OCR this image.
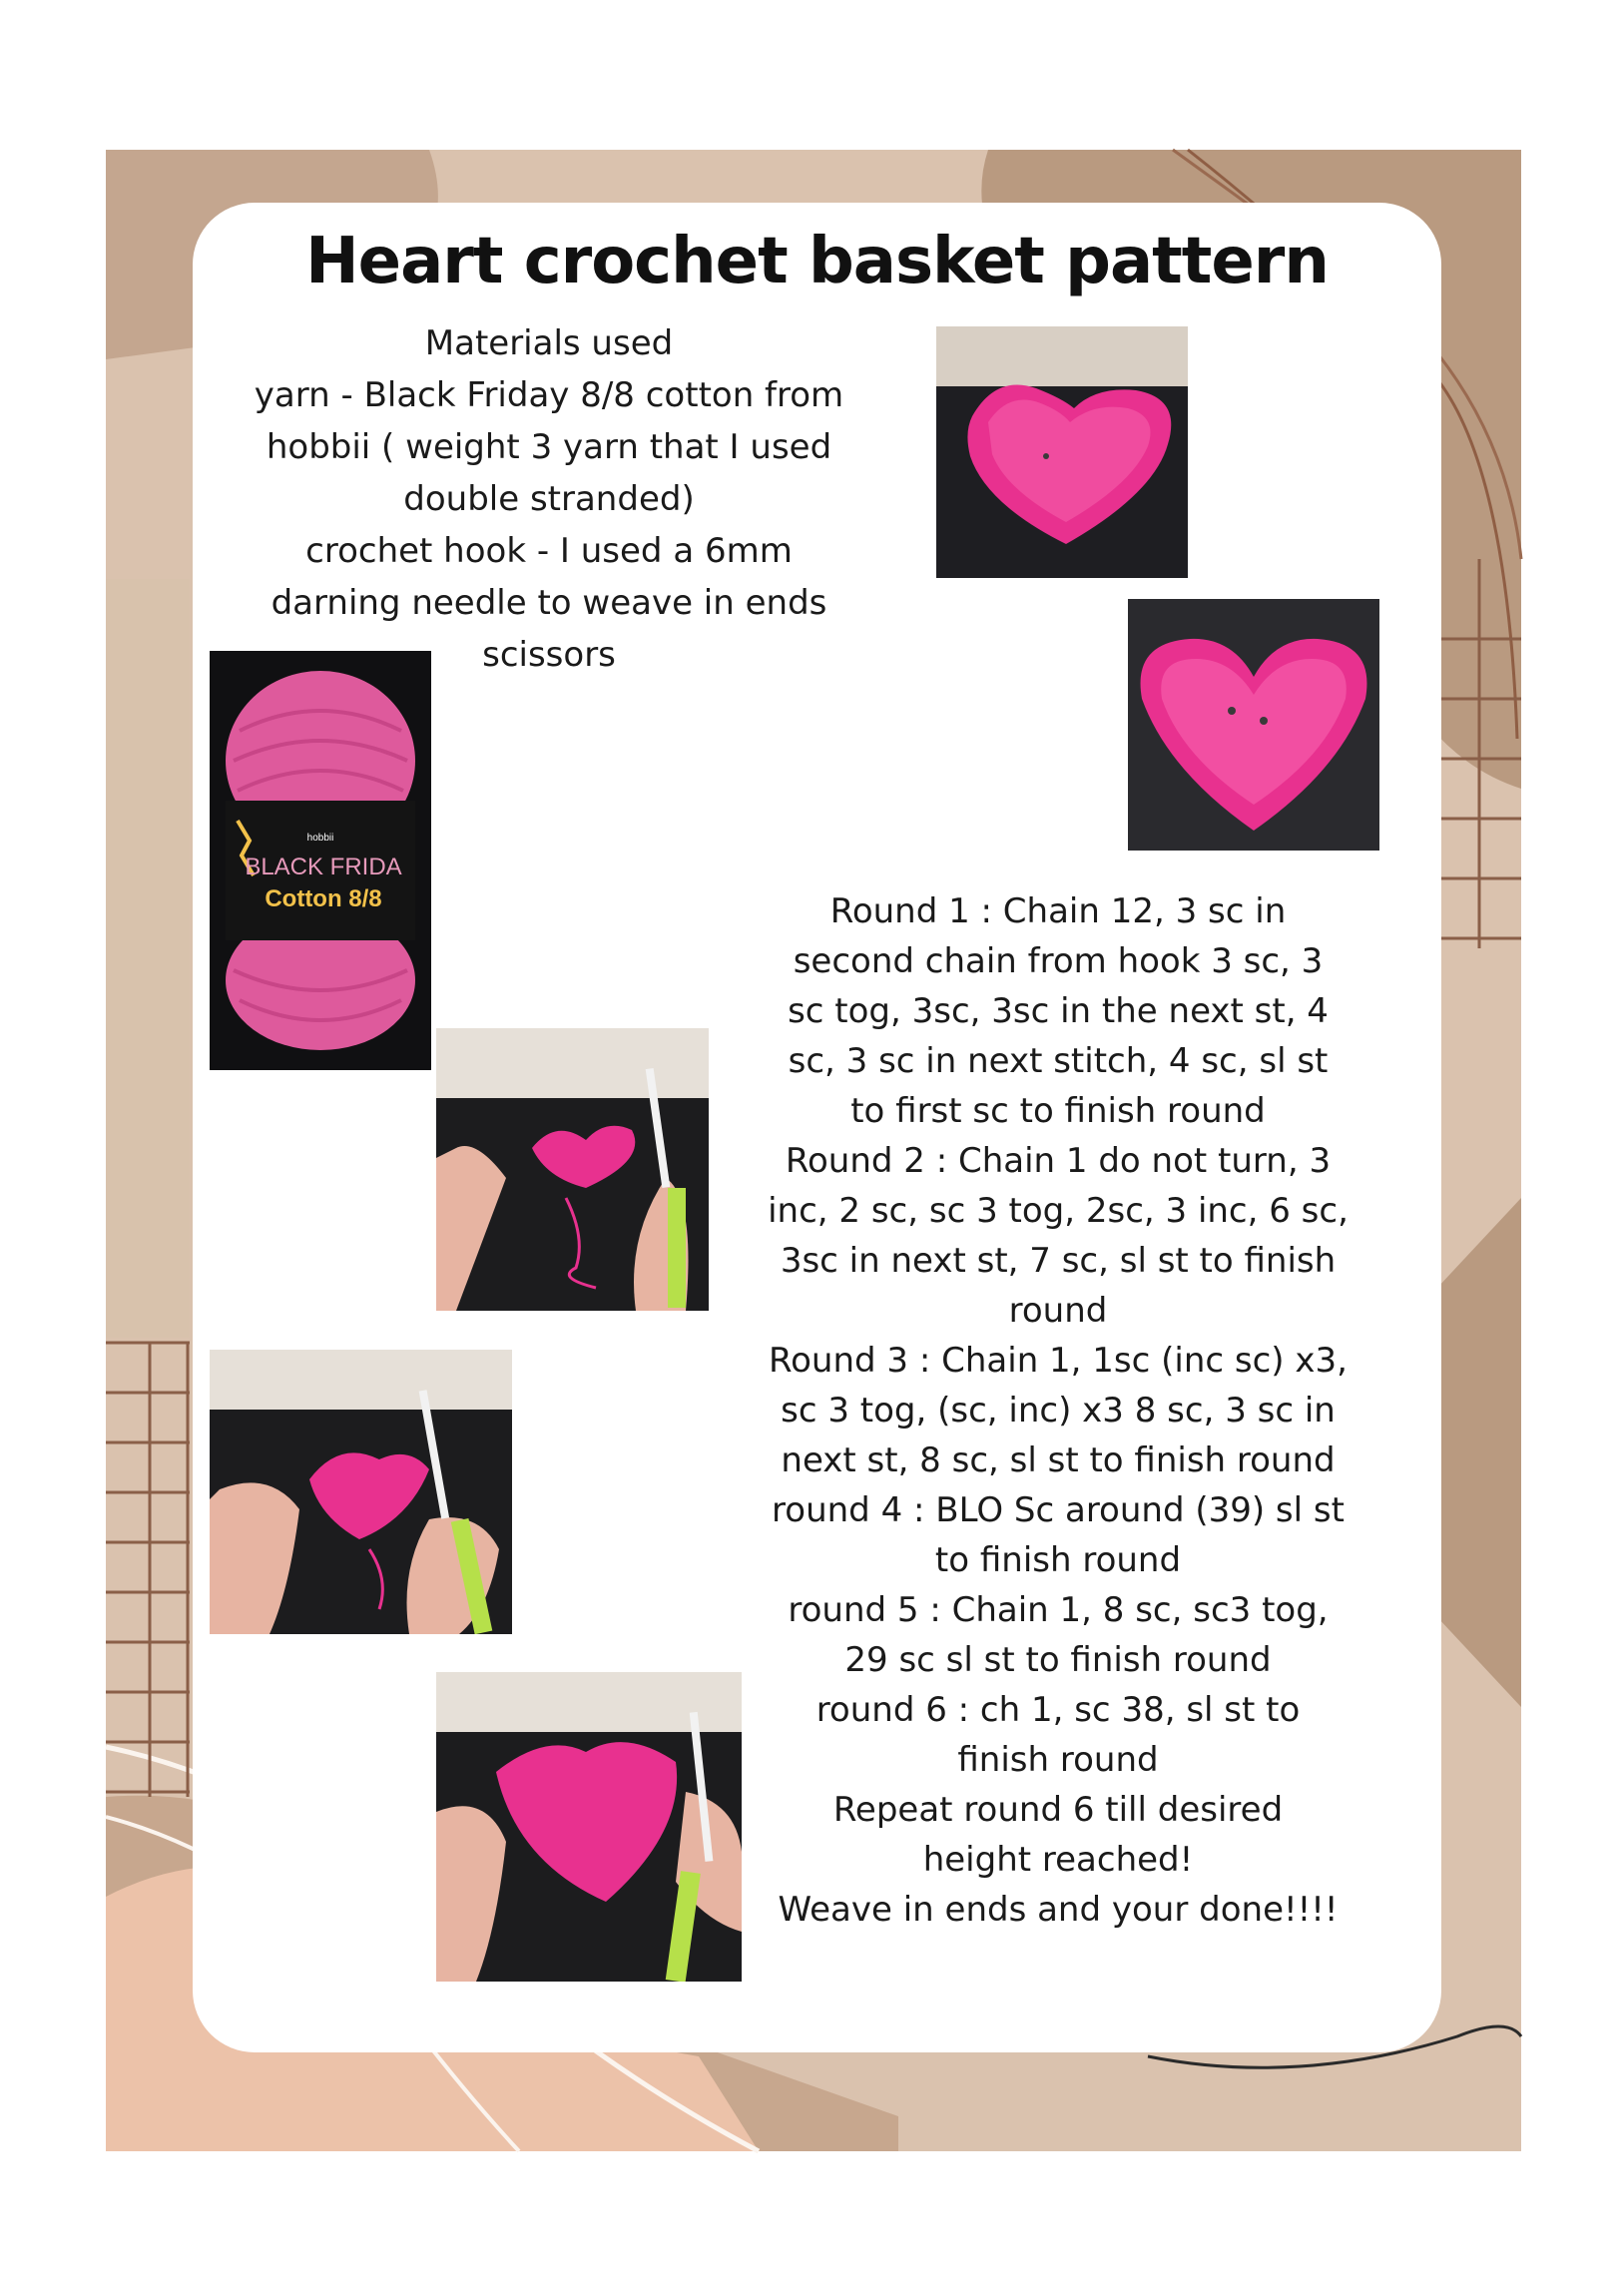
Heart crochet basket pattern
Materials used
yarn - Black Friday 8/8 cotton from
hobbii ( weight 3 yarn that I used
double stranded)
crochet hook - I used a 6mm
darning needle to weave in ends
scissors
Round 1 : Chain 12, 3 sc in
second chain from hook 3 sc, 3
sc tog, 3sc, 3sc in the next st, 4
sc, 3 sc in next stitch, 4 sc, sl st
to first sc to finish round
Round 2 : Chain 1 do not turn, 3
inc, 2 sc, sc 3 tog, 2sc, 3 inc, 6 sc,
3sc in next st, 7 sc, sl st to finish
round
Round 3 : Chain 1, 1sc (inc sc) x3,
sc 3 tog, (sc, inc) x3 8 sc, 3 sc in
next st, 8 sc, sl st to finish round
round 4 : BLO Sc around (39) sl st
to finish round
round 5 : Chain 1, 8 sc, sc3 tog,
29 sc sl st to finish round
round 6 : ch 1, sc 38, sl st to
finish round
Repeat round 6 till desired
height reached!
Weave in ends and your done!!!!
hobbii
BLACK FRIDA
Cotton 8/8
